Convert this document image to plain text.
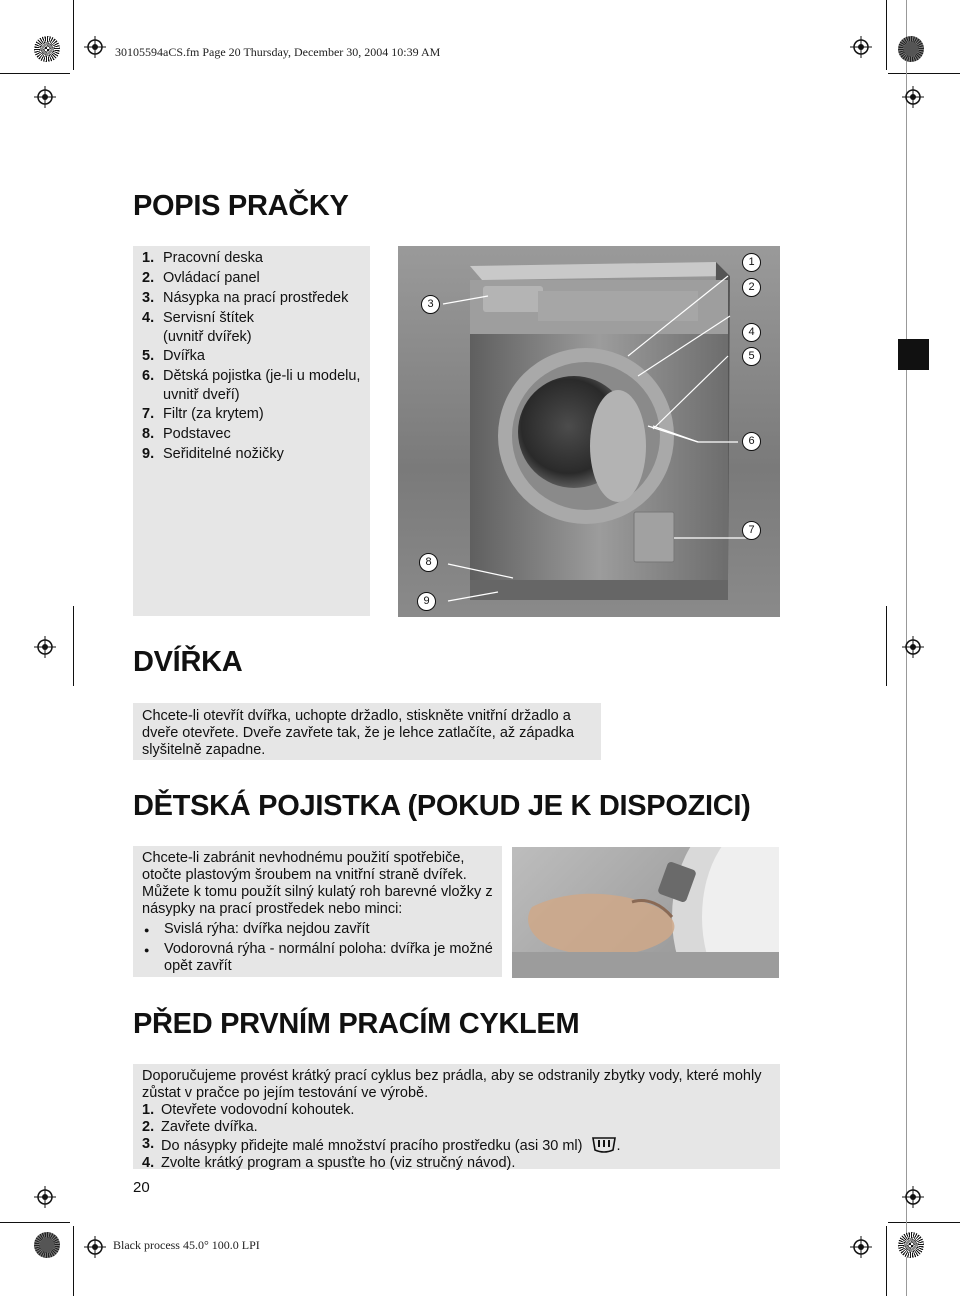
30105594aCS.fm Page 20 Thursday, December 30, 2004 10:39 AM
Black process 45.0° 100.0 LPI
POPIS PRAČKY
1. Pracovní deska
2. Ovládací panel
3. Násypka na prací prostředek
4. Servisní štítek
(uvnitř dvířek)
5. Dvířka
6. Dětská pojistka (je-li u modelu,
uvnitř dveří)
7. Filtr (za krytem)
8. Podstavec
9. Seřiditelné nožičky
1
2
3
4
5
6
7
8
9
DVÍŘKA
Chcete-li otevřít dvířka, uchopte držadlo, stiskněte vnitřní držadlo a dveře otevřete. Dveře zavřete tak, že je lehce zatlačíte, až západka slyšitelně zapadne.
DĚTSKÁ POJISTKA (POKUD JE K DISPOZICI)
Chcete-li zabránit nevhodnému použití spotřebiče, otočte plastovým šroubem na vnitřní straně dvířek. Můžete k tomu použít silný kulatý roh barevné vložky z násypky na prací prostředek nebo minci:
● Svislá rýha: dvířka nejdou zavřít
● Vodorovná rýha - normální poloha: dvířka je možné opět zavřít
PŘED PRVNÍM PRACÍM CYKLEM
Doporučujeme provést krátký prací cyklus bez prádla, aby se odstranily zbytky vody, které mohly zůstat v pračce po jejím testování ve výrobě.
1. Otevřete vodovodní kohoutek.
2. Zavřete dvířka.
3. Do násypky přidejte malé množství pracího prostředku (asi 30 ml) .
4. Zvolte krátký program a spusťte ho (viz stručný návod).
20
